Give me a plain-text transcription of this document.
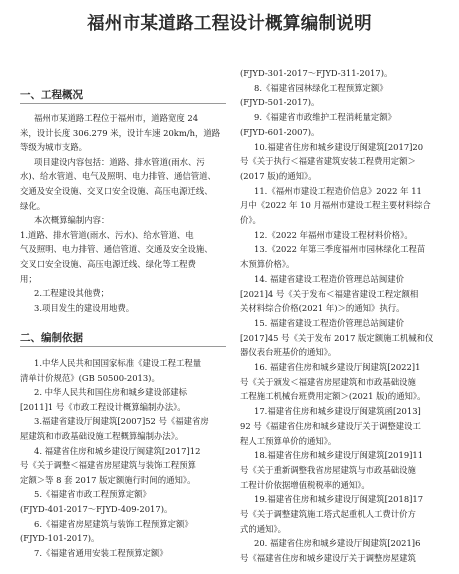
福州市某道路工程设计概算编制说明
一、工程概况
福州市某道路工程位于福州市，道路宽度 24
米，设计长度 306.279 米，设计车速 20km/h，道路
等级为城市支路。
项目建设内容包括：道路、排水管道(雨水、污
水)、给水管道、电气及照明、电力排管、通信管道、
交通及安全设施、交叉口安全设施、高压电源迁线、
绿化。
本次概算编制内容：
1.道路、排水管道(雨水、污水)、给水管道、电
气及照明、电力排管、通信管道、交通及安全设施、
交叉口安全设施、高压电源迁线、绿化等工程费
用；
2.工程建设其他费；
3.项目发生的建设用地费。
二、编制依据
1.中华人民共和国国家标准《建设工程工程量
清单计价规范》(GB 50500-2013)。
2. 中华人民共和国住房和城乡建设部建标
[2011]1 号《市政工程设计概算编制办法》。
3.福建省建设厅闽建筑[2007]52 号《福建省房
屋建筑和市政基础设施工程概算编制办法》。
4. 福建省住房和城乡建设厅闽建筑[2017]12
号《关于调整＜福建省房屋建筑与装饰工程预算
定额＞等 8 套 2017 版定额施行时间的通知》。
5.《福建省市政工程预算定额》
(FJYD-401-2017～FJYD-409-2017)。
6.《福建省房屋建筑与装饰工程预算定额》
(FJYD-101-2017)。
7.《福建省通用安装工程预算定额》
(FJYD-301-2017～FJYD-311-2017)。
8.《福建省园林绿化工程预算定额》
(FJYD-501-2017)。
9.《福建省市政维护工程消耗量定额》
(FJYD-601-2007)。
10.福建省住房和城乡建设厅闽建筑[2017]20
号《关于执行＜福建省建筑安装工程费用定额＞
(2017 版)的通知》。
11.《福州市建设工程造价信息》2022 年 11
月中《2022 年 10 月福州市建设工程主要材料综合
价》。
12.《2022 年福州市建设工程材料价格》。
13.《2022 年第三季度福州市园林绿化工程苗
木预算价格》。
14. 福建省建设工程造价管理总站闽建价
[2021]4 号《关于发布＜福建省建设工程定额相
关材料综合价格(2021 年)＞的通知》执行。
15. 福建省建设工程造价管理总站闽建价
[2017]45 号《关于发布 2017 版定额施工机械和仪
器仪表台班基价的通知》。
16. 福建省住房和城乡建设厅闽建筑[2022]1
号《关于颁发＜福建省房屋建筑和市政基础设施
工程施工机械台班费用定额＞(2021 版)的通知》。
17.福建省住房和城乡建设厅闽建筑函[2013]
92 号《福建省住房和城乡建设厅关于调整建设工
程人工预算单价的通知》。
18.福建省住房和城乡建设厅闽建筑[2019]11
号《关于重新调整我省房屋建筑与市政基础设施
工程计价依据增值税税率的通知》。
19.福建省住房和城乡建设厅闽建筑[2018]17
号《关于调整建筑施工塔式起重机人工费计价方
式的通知》。
20. 福建省住房和城乡建设厅闽建筑[2021]6
号《福建省住房和城乡建设厅关于调整房屋建筑
